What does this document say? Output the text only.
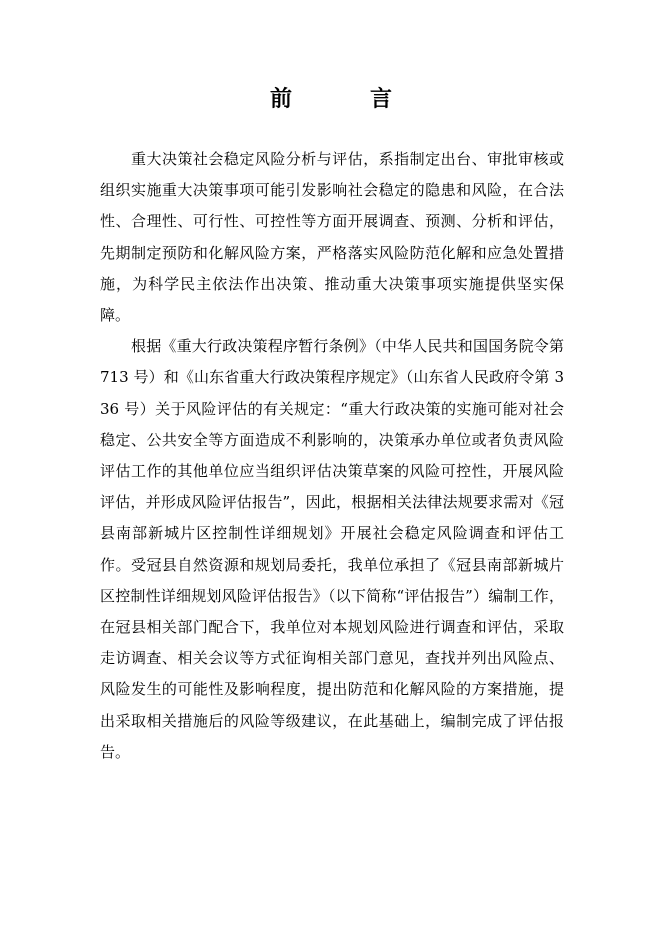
前　言

重大决策社会稳定风险分析与评估，系指制定出台、审批审核或组织实施重大决策事项可能引发影响社会稳定的隐患和风险，在合法性、合理性、可行性、可控性等方面开展调查、预测、分析和评估，先期制定预防和化解风险方案，严格落实风险防范化解和应急处置措施，为科学民主依法作出决策、推动重大决策事项实施提供坚实保障。

根据《重大行政决策程序暂行条例》（中华人民共和国国务院令第 713 号）和《山东省重大行政决策程序规定》（山东省人民政府令第 336 号）关于风险评估的有关规定：“重大行政决策的实施可能对社会稳定、公共安全等方面造成不利影响的，决策承办单位或者负责风险评估工作的其他单位应当组织评估决策草案的风险可控性，开展风险评估，并形成风险评估报告”，因此，根据相关法律法规要求需对《冠县南部新城片区控制性详细规划》开展社会稳定风险调查和评估工作。受冠县自然资源和规划局委托，我单位承担了《冠县南部新城片区控制性详细规划风险评估报告》（以下简称“评估报告”）编制工作，在冠县相关部门配合下，我单位对本规划风险进行调查和评估，采取走访调查、相关会议等方式征询相关部门意见，查找并列出风险点、风险发生的可能性及影响程度，提出防范和化解风险的方案措施，提出采取相关措施后的风险等级建议，在此基础上，编制完成了评估报告。
